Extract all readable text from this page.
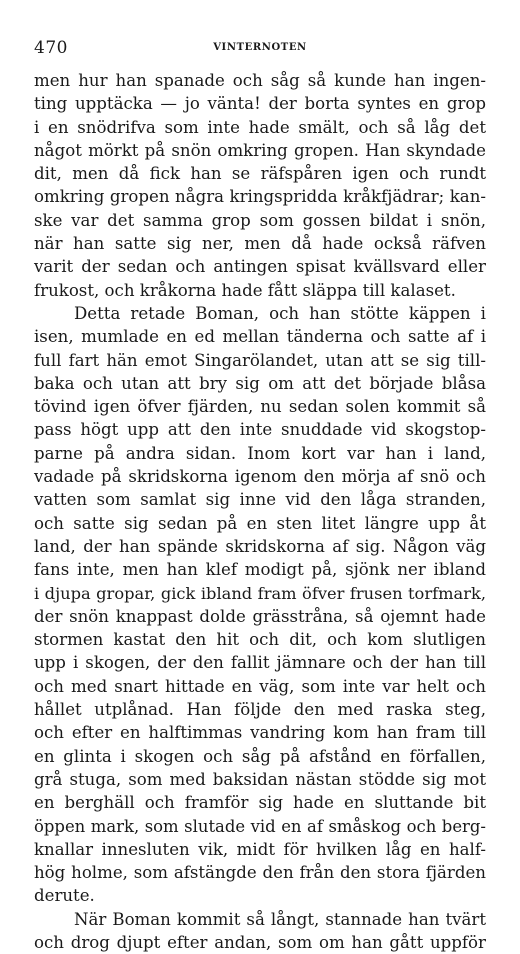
470	VINTERNOTEN
men hur han spanade och såg så kunde han ingen-
ting upptäcka — jo vänta! der borta syntes en grop
i en snödrifva som inte hade smält, och så låg det
något mörkt på snön omkring gropen. Han skyndade
dit, men då fick han se räfspåren igen och rundt
omkring gropen några kringspridda kråkfjädrar; kan-
ske var det samma grop som gossen bildat i snön,
när han satte sig ner, men då hade också räfven
varit der sedan och antingen spisat kvällsvard eller
frukost, och kråkorna hade fått släppa till kalaset.
Detta retade Boman, och han stötte käppen i
isen, mumlade en ed mellan tänderna och satte af i
full fart hän emot Singarölandet, utan att se sig till-
baka och utan att bry sig om att det började blåsa
tövind igen öfver fjärden, nu sedan solen kommit så
pass högt upp att den inte snuddade vid skogstop-
parne på andra sidan. Inom kort var han i land,
vadade på skridskorna igenom den mörja af snö och
vatten som samlat sig inne vid den låga stranden,
och satte sig sedan på en sten litet längre upp åt
land, der han spände skridskorna af sig. Någon väg
fans inte, men han klef modigt på, sjönk ner ibland
i djupa gropar, gick ibland fram öfver frusen torfmark,
der snön knappast dolde grässtråna, så ojemnt hade
stormen kastat den hit och dit, och kom slutligen
upp i skogen, der den fallit jämnare och der han till
och med snart hittade en väg, som inte var helt och
hållet utplånad. Han följde den med raska steg,
och efter en halftimmas vandring kom han fram till
en glinta i skogen och såg på afstånd en förfallen,
grå stuga, som med baksidan nästan stödde sig mot
en berghäll och framför sig hade en sluttande bit
öppen mark, som slutade vid en af småskog och berg-
knallar innesluten vik, midt för hvilken låg en half-
hög holme, som afstängde den från den stora fjärden
derute.
När Boman kommit så långt, stannade han tvärt
och drog djupt efter andan, som om han gått uppför
